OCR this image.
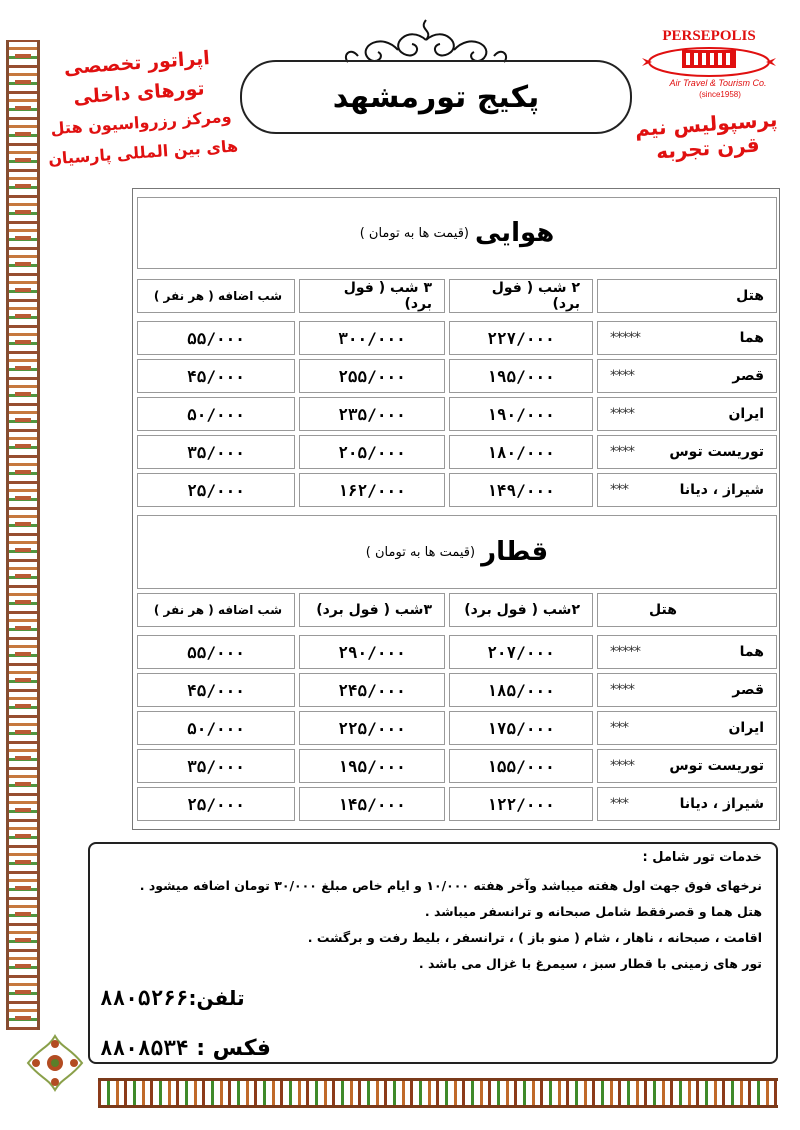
پکیج تورمشهد
اپراتور تخصصی تورهای داخلی
ومرکز رزرواسیون هتل های بین المللی پارسیان
PERSEPOLIS
Air Travel & Tourism Co.
(since1958)
پرسپولیس نیم قرن تجربه
هوایی
(قیمت ها به تومان )
هتل
۲ شب ( فول برد)
۳ شب ( فول برد)
شب اضافه ( هر نفر )
هما
*****
۲۲۷/۰۰۰
۳۰۰/۰۰۰
۵۵/۰۰۰
قصر
****
۱۹۵/۰۰۰
۲۵۵/۰۰۰
۴۵/۰۰۰
ایران
****
۱۹۰/۰۰۰
۲۳۵/۰۰۰
۵۰/۰۰۰
توریست توس
****
۱۸۰/۰۰۰
۲۰۵/۰۰۰
۳۵/۰۰۰
شیراز ، دیانا
***
۱۴۹/۰۰۰
۱۶۲/۰۰۰
۲۵/۰۰۰
قطار
(قیمت ها به تومان )
هتل
۲شب ( فول برد)
۳شب ( فول برد)
شب اضافه ( هر نفر )
هما
*****
۲۰۷/۰۰۰
۲۹۰/۰۰۰
۵۵/۰۰۰
قصر
****
۱۸۵/۰۰۰
۲۴۵/۰۰۰
۴۵/۰۰۰
ایران
***
۱۷۵/۰۰۰
۲۲۵/۰۰۰
۵۰/۰۰۰
توریست توس
****
۱۵۵/۰۰۰
۱۹۵/۰۰۰
۳۵/۰۰۰
شیراز ، دیانا
***
۱۲۲/۰۰۰
۱۴۵/۰۰۰
۲۵/۰۰۰
خدمات تور شامل :
نرخهای فوق جهت اول هفته میباشد وآخر هفته ۱۰/۰۰۰ و ایام خاص مبلغ ۳۰/۰۰۰ تومان اضافه میشود .
هتل هما و قصرفقط شامل صبحانه و ترانسفر میباشد .
اقامت ، صبحانه ، ناهار ، شام ( منو باز ) ، ترانسفر ، بلیط رفت و برگشت .
تور های زمینی با قطار سبز ، سیمرغ با غزال می باشد .
تلفن:۸۸۰۵۲۶۶
فکس : ۸۸۰۸۵۳۴
